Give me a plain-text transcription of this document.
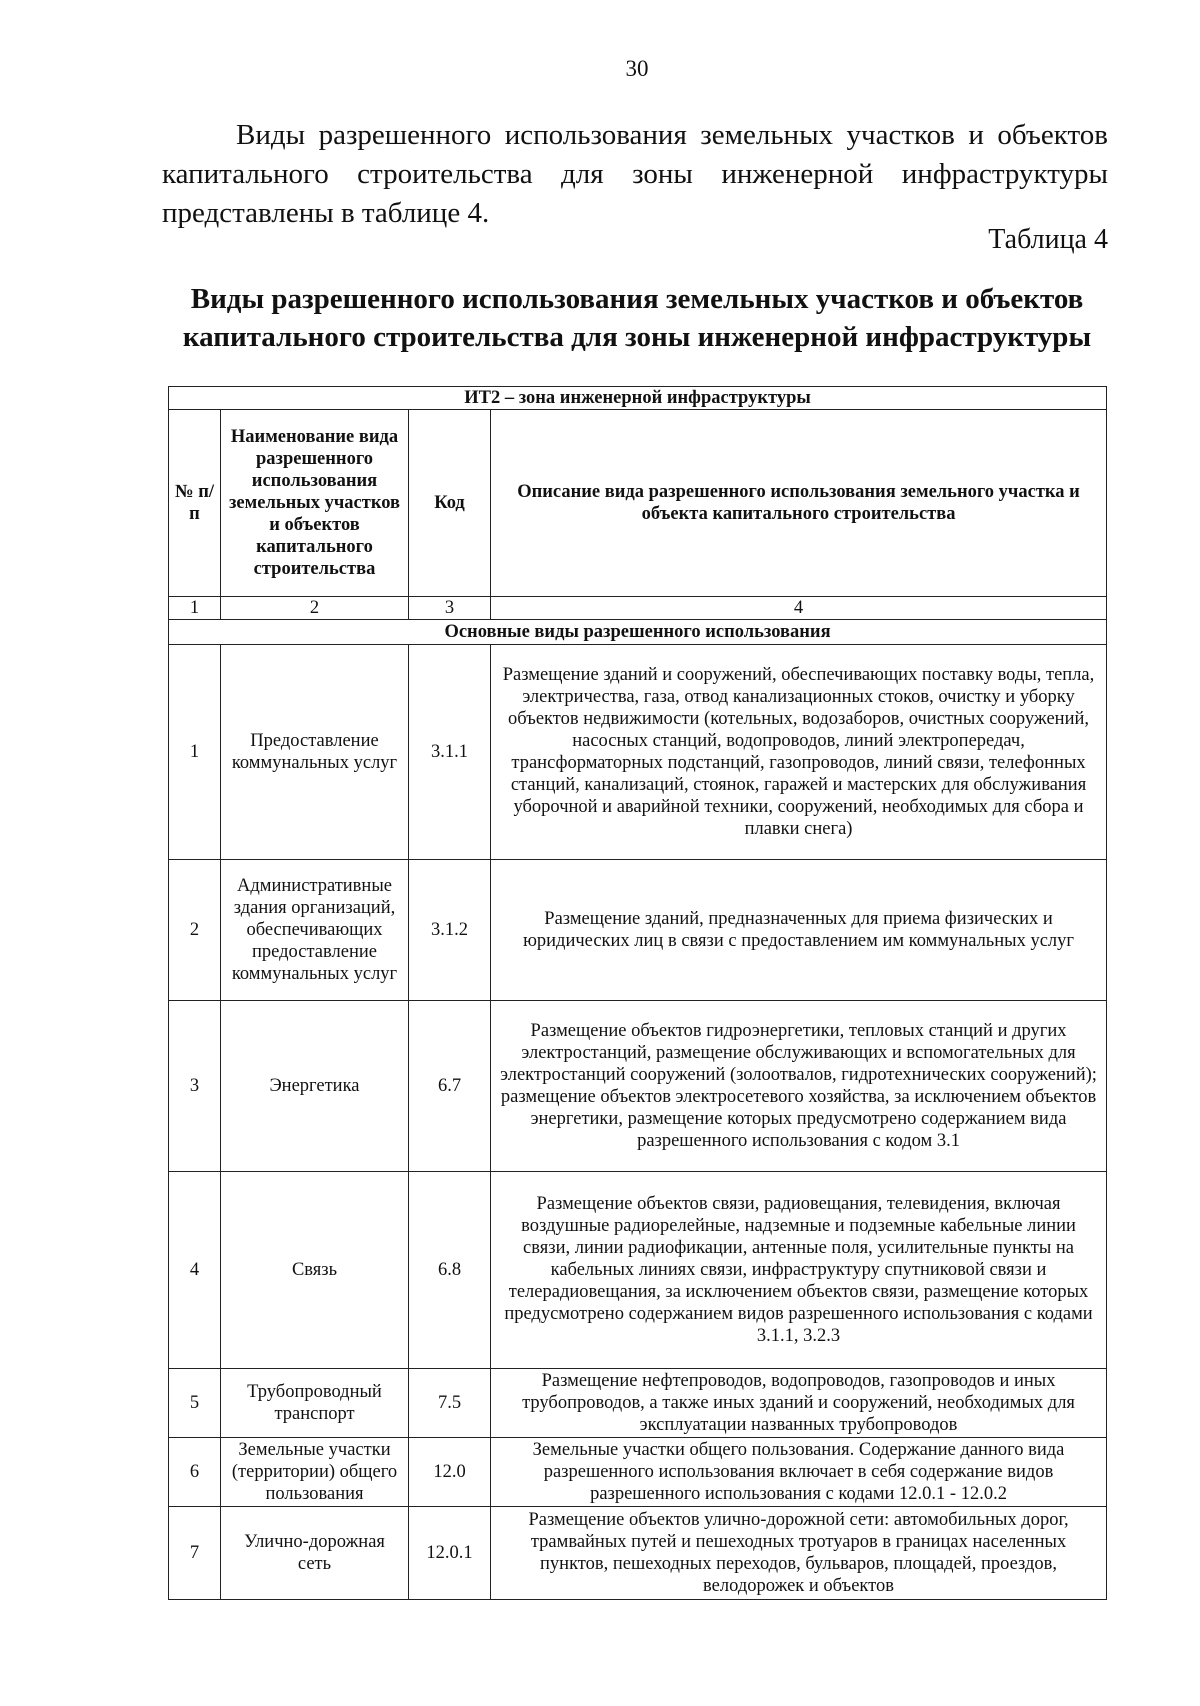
30

Виды разрешенного использования земельных участков и объектов капитального строительства для зоны инженерной инфраструктуры представлены в таблице 4.

Таблица 4
Виды разрешенного использования земельных участков и объектов капитального строительства для зоны инженерной инфраструктуры
ИТ2 – зона инженерной инфраструктуры			
№ п/п	Наименование вида разрешенного использования земельных участков и объектов капитального строительства	Код	Описание вида разрешенного использования земельного участка и объекта капитального строительства
1	2	3	4
Основные виды разрешенного использования			
1	Предоставление коммунальных услуг	3.1.1	Размещение зданий и сооружений, обеспечивающих поставку воды, тепла, электричества, газа, отвод канализационных стоков, очистку и уборку объектов недвижимости (котельных, водозаборов, очистных сооружений, насосных станций, водопроводов, линий электропередач, трансформаторных подстанций, газопроводов, линий связи, телефонных станций, канализаций, стоянок, гаражей и мастерских для обслуживания уборочной и аварийной техники, сооружений, необходимых для сбора и плавки снега)
2	Административные здания организаций, обеспечивающих предоставление коммунальных услуг	3.1.2	Размещение зданий, предназначенных для приема физических и юридических лиц в связи с предоставлением им коммунальных услуг
3	Энергетика	6.7	Размещение объектов гидроэнергетики, тепловых станций и других электростанций, размещение обслуживающих и вспомогательных для электростанций сооружений (золоотвалов, гидротехнических сооружений); размещение объектов электросетевого хозяйства, за исключением объектов энергетики, размещение которых предусмотрено содержанием вида разрешенного использования с кодом 3.1
4	Связь	6.8	Размещение объектов связи, радиовещания, телевидения, включая воздушные радиорелейные, надземные и подземные кабельные линии связи, линии радиофикации, антенные поля, усилительные пункты на кабельных линиях связи, инфраструктуру спутниковой связи и телерадиовещания, за исключением объектов связи, размещение которых предусмотрено содержанием видов разрешенного использования с кодами 3.1.1, 3.2.3
5	Трубопроводный транспорт	7.5	Размещение нефтепроводов, водопроводов, газопроводов и иных трубопроводов, а также иных зданий и сооружений, необходимых для эксплуатации названных трубопроводов
6	Земельные участки (территории) общего пользования	12.0	Земельные участки общего пользования. Содержание данного вида разрешенного использования включает в себя содержание видов разрешенного использования с кодами 12.0.1 - 12.0.2
7	Улично-дорожная сеть	12.0.1	Размещение объектов улично-дорожной сети: автомобильных дорог, трамвайных путей и пешеходных тротуаров в границах населенных пунктов, пешеходных переходов, бульваров, площадей, проездов, велодорожек и объектов
